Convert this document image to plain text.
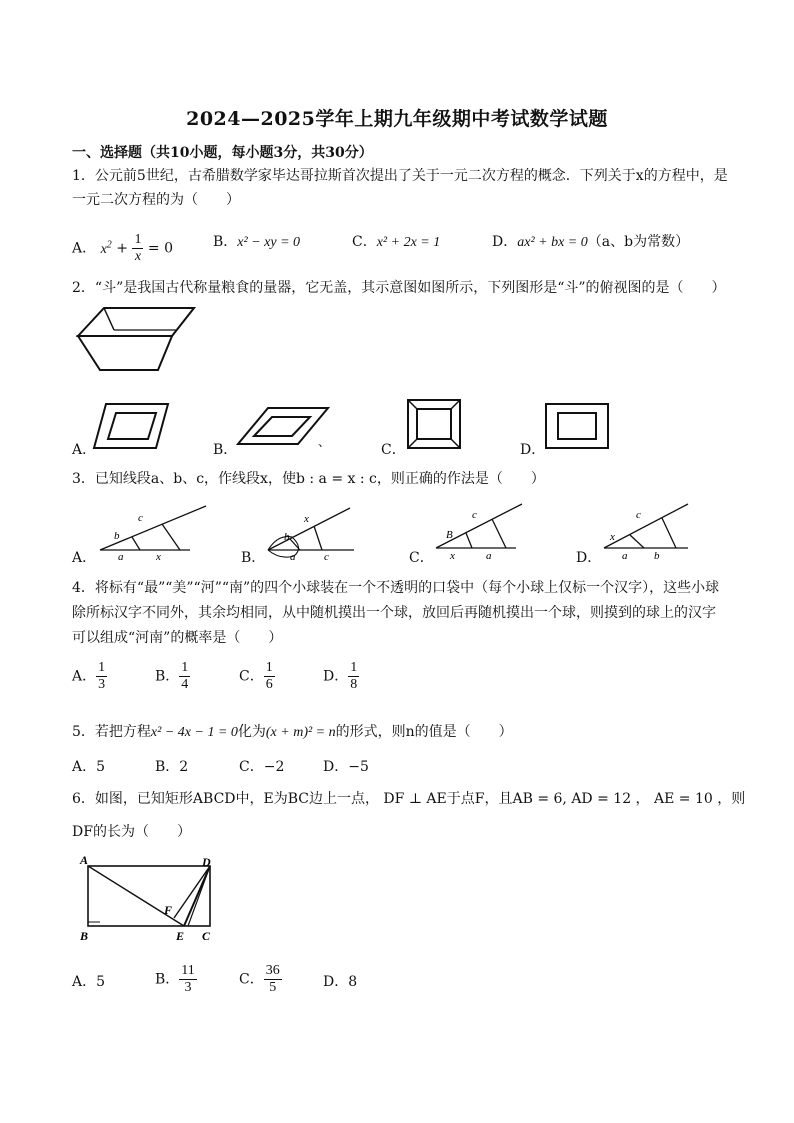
2024—2025学年上期九年级期中考试数学试题
一、选择题（共10小题，每小题3分，共30分）
1．公元前5世纪，古希腊数学家毕达哥拉斯首次提出了关于一元二次方程的概念．下列关于x的方程中，是
一元二次方程的为（　　）
A． $x^2 + \frac{1}{x} = 0$	B．x² − xy = 0	C．x² + 2x = 1	D．ax² + bx = 0（a、b为常数）
2．“斗”是我国古代称量粮食的量器，它无盖，其示意图如图所示，下列图形是“斗”的俯视图的是（　　）
A．	B．	、	C．	D．
3．已知线段a、b、c，作线段x，使b : a = x : c，则正确的作法是（　　）
A．
c
b
a	x	B．
x
b
a	c	C．
c
B
x	a	D．
c
x
a b
4．将标有“最”“美”“河”“南”的四个小球装在一个不透明的口袋中（每个小球上仅标一个汉字），这些小球
除所标汉字不同外，其余均相同，从中随机摸出一个球，放回后再随机摸出一个球，则摸到的球上的汉字
可以组成“河南”的概率是（　　）
A． $\frac{1}{3}$	B． $\frac{1}{4}$	C． $\frac{1}{6}$	D． $\frac{1}{8}$
5．若把方程x² − 4x − 1 = 0化为(x + m)² = n的形式，则n的值是（　　）
A．5	B．2	C．−2	D．−5
6．如图，已知矩形ABCD中，E为BC边上一点， DF ⊥ AE于点F，且AB = 6, AD = 12 ， AE = 10 ，则
DF的长为（　　）
A	D
B	E C
F
A．5	B． $\frac{11}{3}$	C． $\frac{36}{5}$	D．8
